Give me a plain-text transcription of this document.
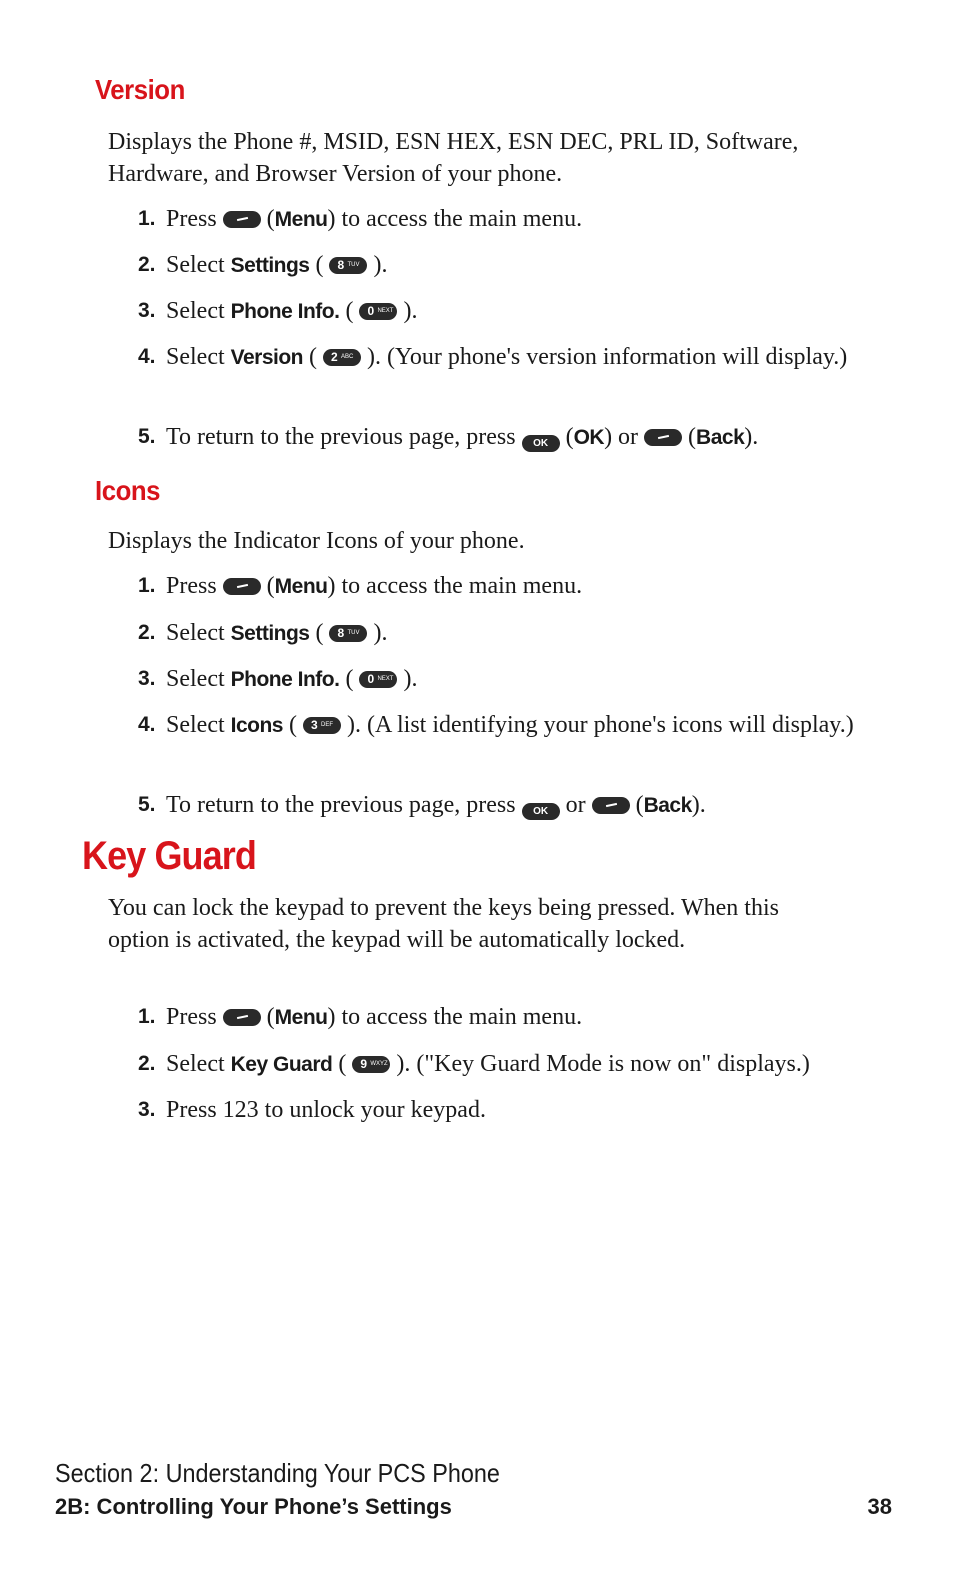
Version

Displays the Phone #, MSID, ESN HEX, ESN DEC, PRL ID, Software, Hardware, and Browser Version of your phone.

1. Press (Menu) to access the main menu.
2. Select Settings ( 8 TUV ).
3. Select Phone Info. ( 0 NEXT ).
4. Select Version ( 2 ABC ). (Your phone's version information will display.)
5. To return to the previous page, press OK (OK) or (Back).
Icons

Displays the Indicator Icons of your phone.

1. Press (Menu) to access the main menu.
2. Select Settings ( 8 TUV ).
3. Select Phone Info. ( 0 NEXT ).
4. Select Icons ( 3 DEF ). (A list identifying your phone's icons will display.)
5. To return to the previous page, press OK or (Back).
Key Guard

You can lock the keypad to prevent the keys being pressed. When this option is activated, the keypad will be automatically locked.

1. Press (Menu) to access the main menu.
2. Select Key Guard ( 9 WXYZ ). ("Key Guard Mode is now on" displays.)
3. Press 123 to unlock your keypad.
Section 2: Understanding Your PCS Phone
2B: Controlling Your Phone’s Settings	38
